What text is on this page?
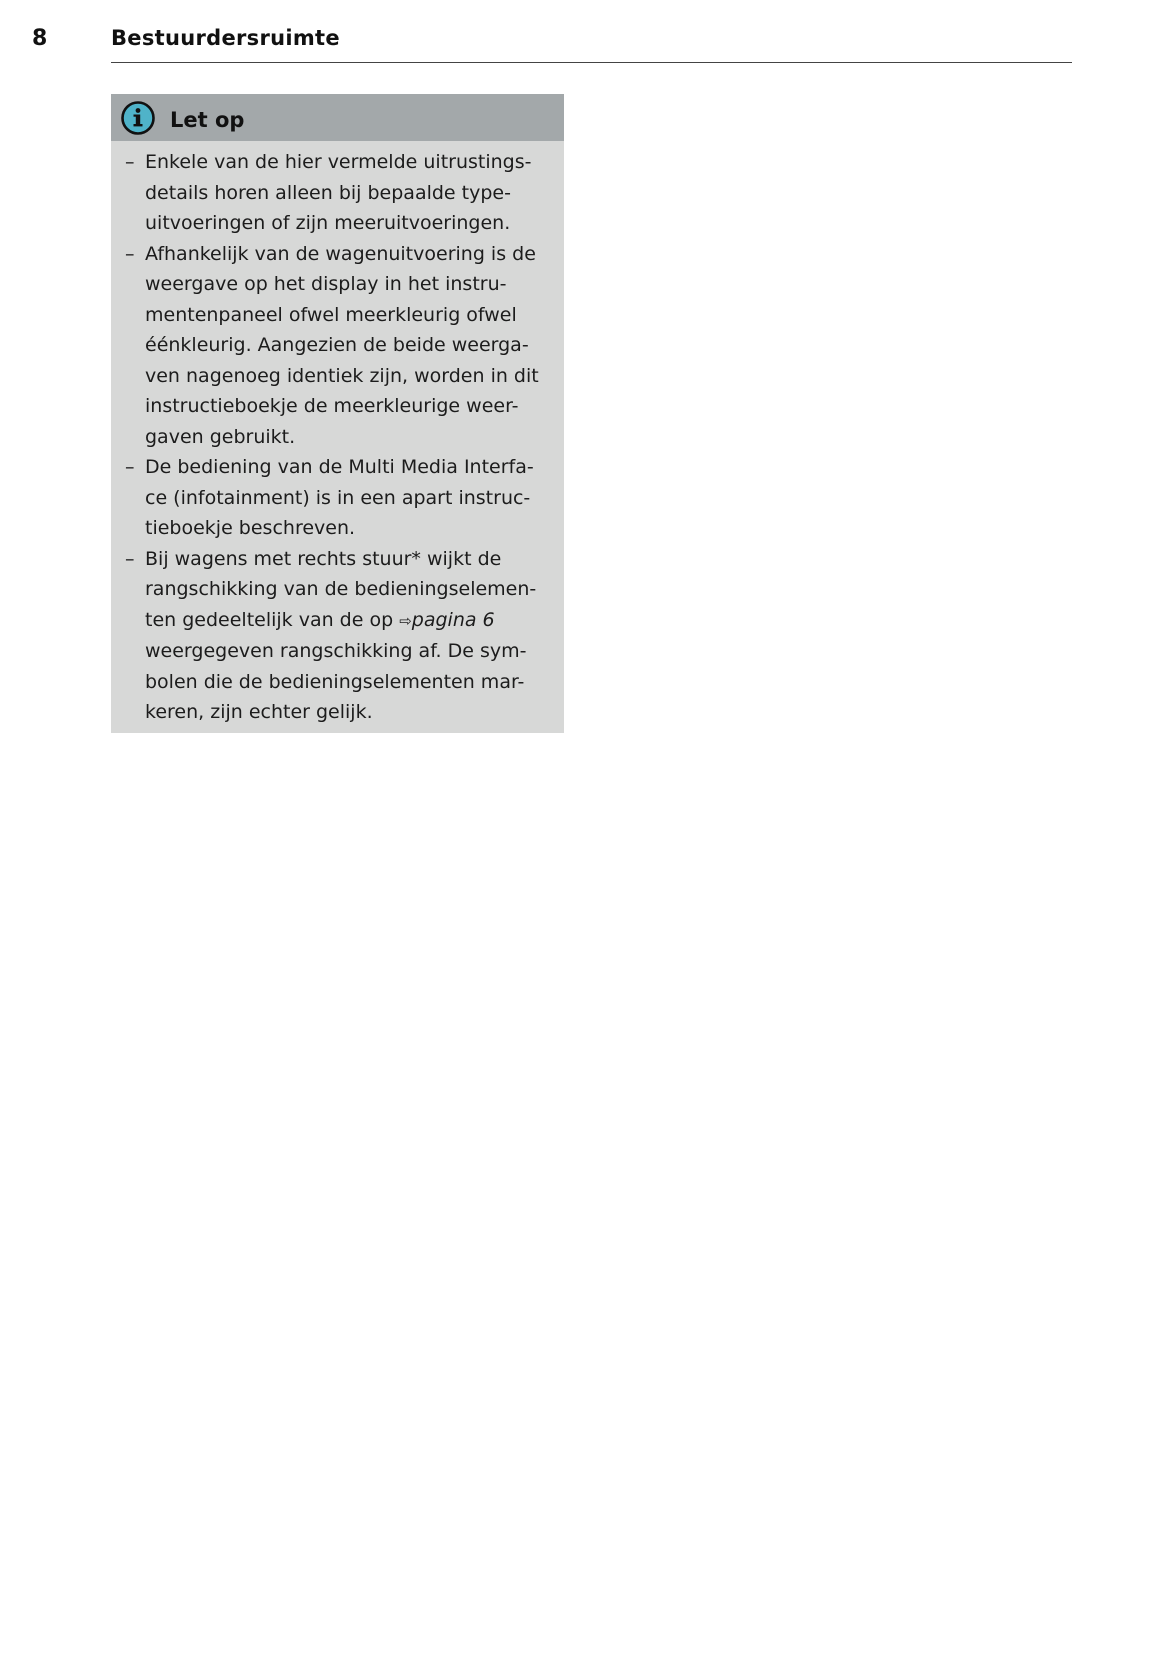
8	Bestuurdersruimte
Let op
– Enkele van de hier vermelde uitrustings-
details horen alleen bij bepaalde type-
uitvoeringen of zijn meeruitvoeringen.
– Afhankelijk van de wagenuitvoering is de
weergave op het display in het instru-
mentenpaneel ofwel meerkleurig ofwel
éénkleurig. Aangezien de beide weerga-
ven nagenoeg identiek zijn, worden in dit
instructieboekje de meerkleurige weer-
gaven gebruikt.
– De bediening van de Multi Media Interfa-
ce (infotainment) is in een apart instruc-
tieboekje beschreven.
– Bij wagens met rechts stuur* wijkt de
rangschikking van de bedieningselemen-
ten gedeeltelijk van de op ⇨pagina 6
weergegeven rangschikking af. De sym-
bolen die de bedieningselementen mar-
keren, zijn echter gelijk.
